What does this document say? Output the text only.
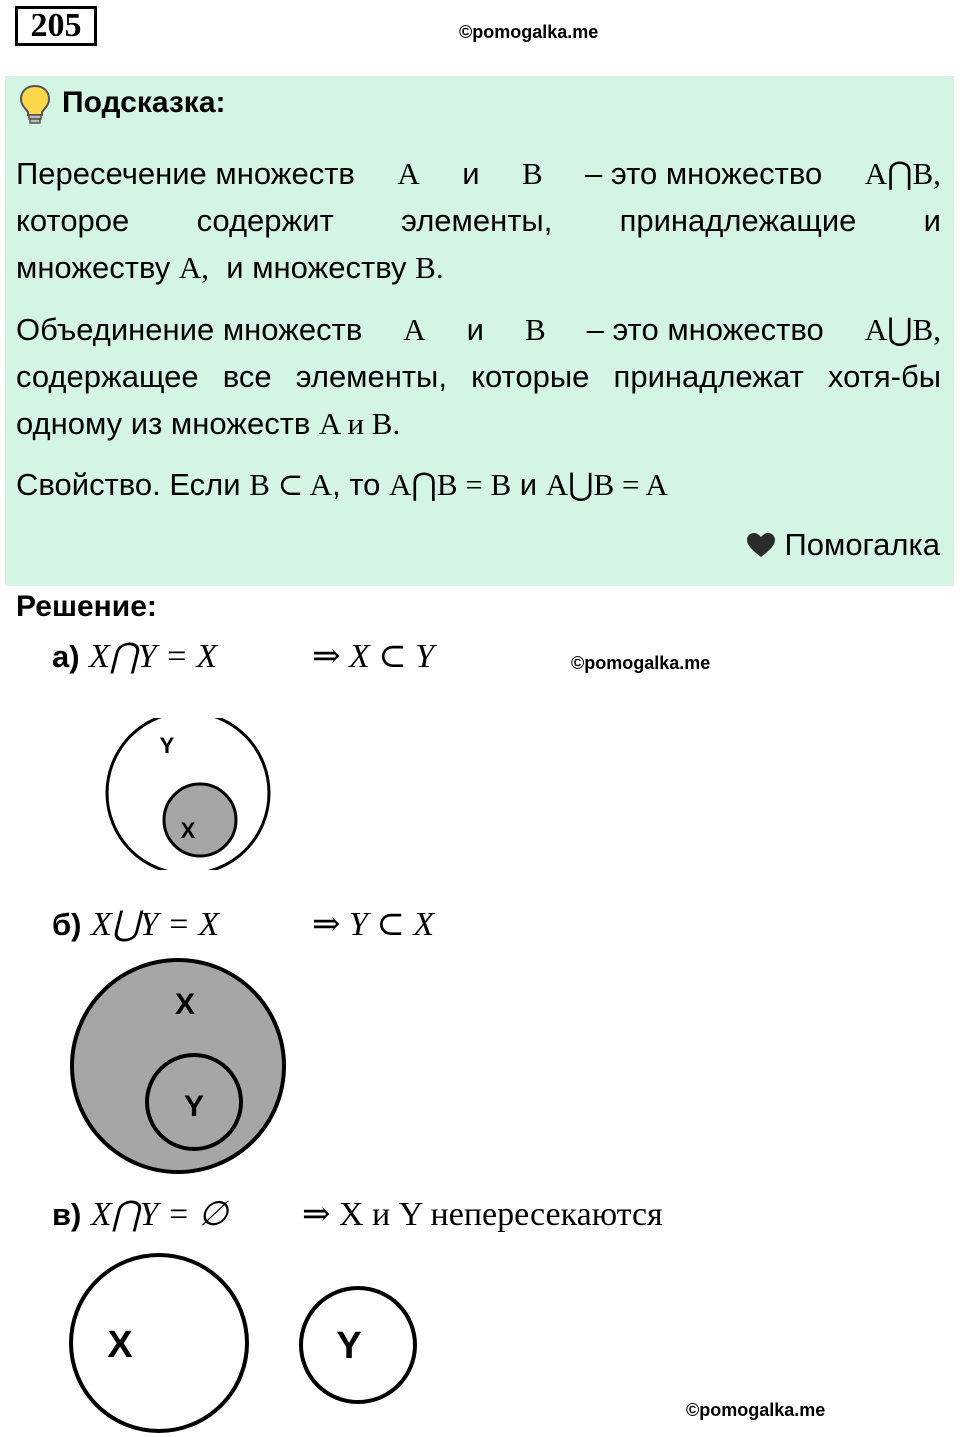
205	©pomogalka.me
Подсказка:
Пересечение множеств A и B – это множество A⋂B,
которое содержит элементы, принадлежащие и
множеству A, и множеству B.
Объединение множеств A и B – это множество A⋃B,
содержащее все элементы, которые принадлежат хотя-бы
одному из множеств A и B.
Свойство. Если B ⊂ A, то A⋂B = B и A⋃B = A
Помогалка
Решение:
а) X⋂Y = X	⇒ X ⊂ Y	©pomogalka.me
Y
X
б) X⋃Y = X	⇒ Y ⊂ X
X
Y
в) X⋂Y = ∅ ⇒ X и Y непересекаются
X	Y
©pomogalka.me
